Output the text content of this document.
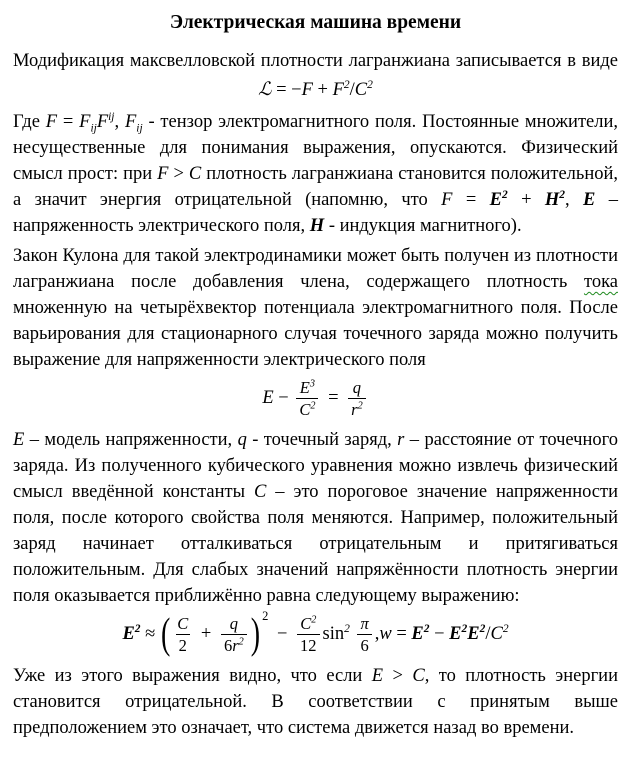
Электрическая машина времени

Модификация максвелловской плотности лагранжиана записывается в виде

ℒ = $-F + F^2/C^2$

Где $F = F_{ij}F^{ij}$, $F_{ij}$ - тензор электромагнитного поля. Постоянные множители, несущественные для понимания выражения, опускаются. Физический смысл прост: при F > C плотность лагранжиана становится положительной, а значит энергия отрицательной (напомню, что $F = E^2 + H^2$, E – напряженность электрического поля, H - индукция магнитного).

Закон Кулона для такой электродинамики может быть получен из плотности лагранжиана после добавления члена, содержащего плотность тока множенную на четырёхвектор потенциала электромагнитного поля. После варьирования для стационарного случая точечного заряда можно получить выражение для напряженности электрического поля

$E - \frac{E^3}{C^2} = \frac{q}{r^2}$

E – модель напряженности, q - точечный заряд, r – расстояние от точечного заряда. Из полученного кубического уравнения можно извлечь физический смысл введённой константы C – это пороговое значение напряженности поля, после которого свойства поля меняются. Например, положительный заряд начинает отталкиваться отрицательным и притягиваться положительным. Для слабых значений напряжённости плотность энергии поля оказывается приближённо равна следующему выражению:

$E^2$ ≈ ( $\frac{C}{2} + \frac{q}{6r^2}$ ) 2
− $\frac{C^2}{12} \sin^2 \frac{\pi}{6} ,w = E^2 - E^2E^2/C^2$

Уже из этого выражения видно, что если E > C, то плотность энергии становится отрицательной. В соответствии с принятым выше предположением это означает, что система движется назад во времени.
